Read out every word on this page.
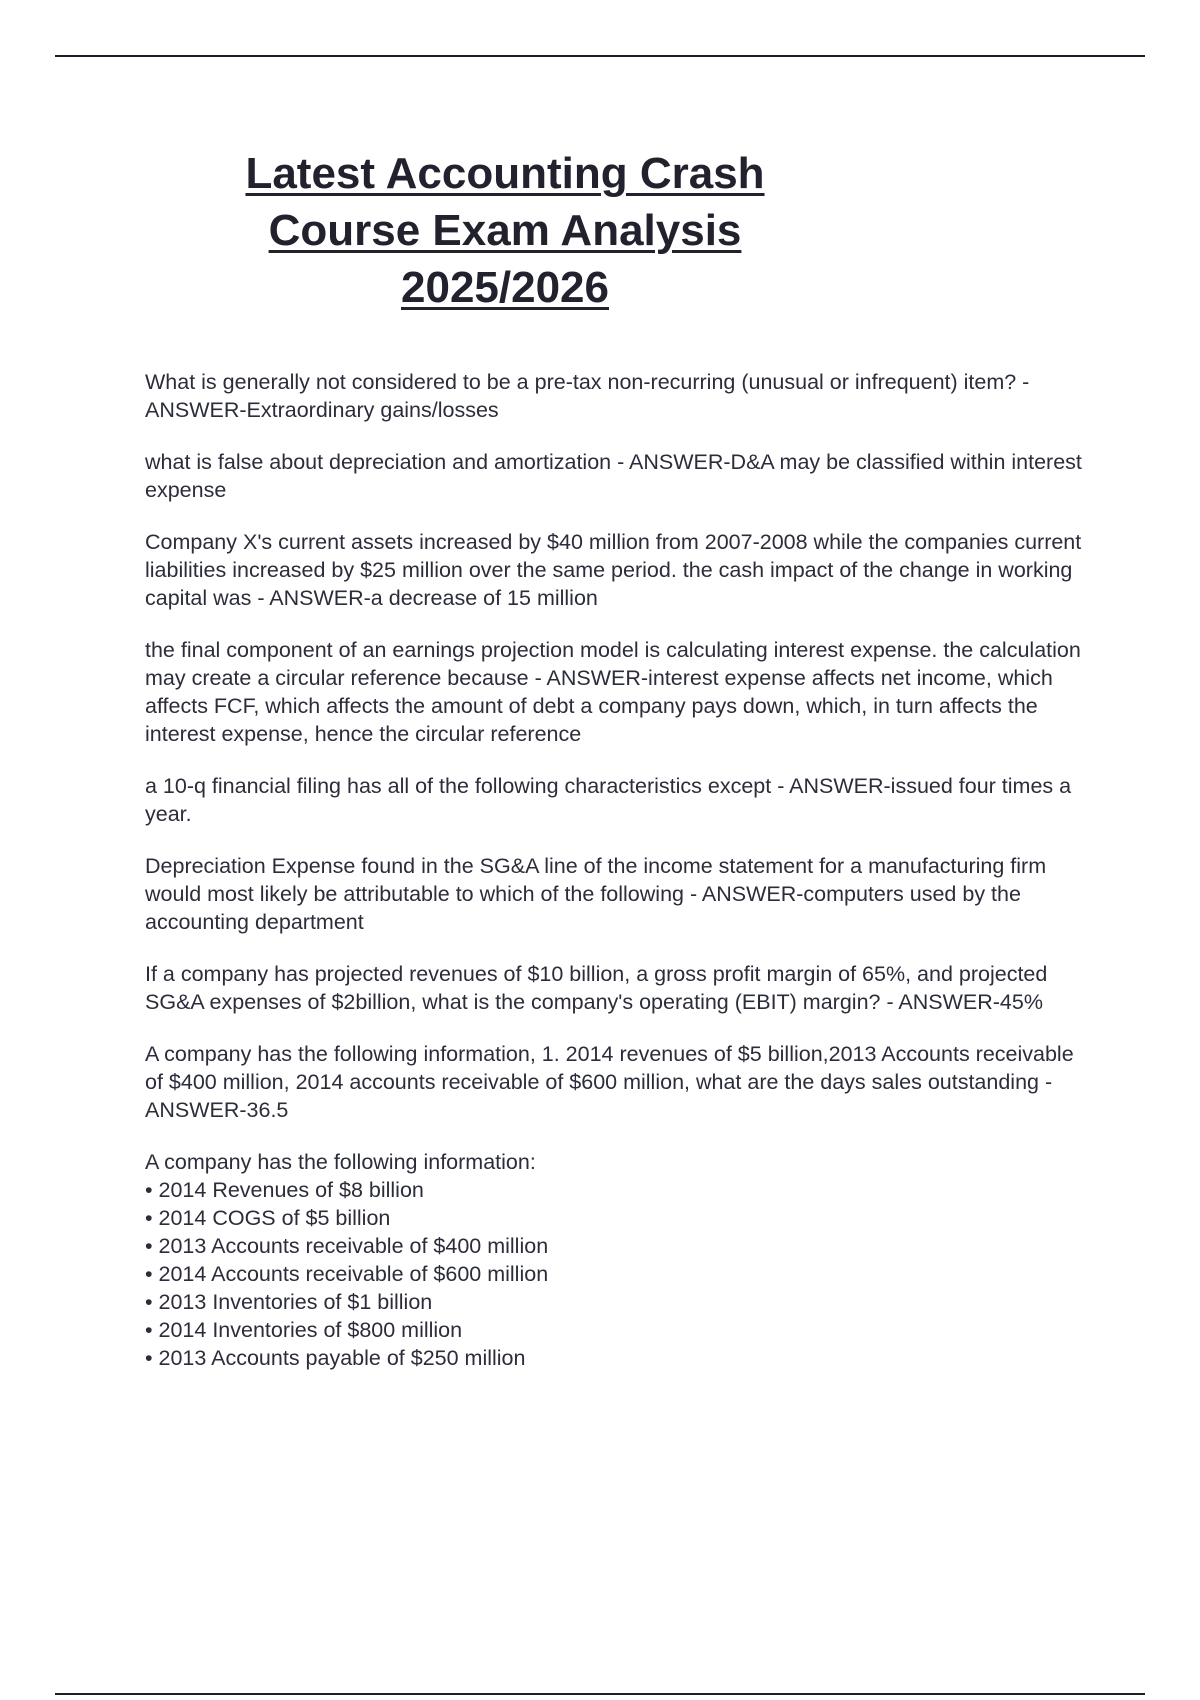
Latest Accounting Crash
Course Exam Analysis
2025/2026

What is generally not considered to be a pre-tax non-recurring (unusual or infrequent) item? - ANSWER-Extraordinary gains/losses

what is false about depreciation and amortization - ANSWER-D&A may be classified within interest expense

Company X's current assets increased by $40 million from 2007-2008 while the companies current liabilities increased by $25 million over the same period. the cash impact of the change in working capital was - ANSWER-a decrease of 15 million

the final component of an earnings projection model is calculating interest expense. the calculation may create a circular reference because - ANSWER-interest expense affects net income, which affects FCF, which affects the amount of debt a company pays down, which, in turn affects the interest expense, hence the circular reference

a 10-q financial filing has all of the following characteristics except - ANSWER-issued four times a year.

Depreciation Expense found in the SG&A line of the income statement for a manufacturing firm would most likely be attributable to which of the following - ANSWER-computers used by the accounting department

If a company has projected revenues of $10 billion, a gross profit margin of 65%, and projected SG&A expenses of $2billion, what is the company's operating (EBIT) margin? - ANSWER-45%

A company has the following information, 1. 2014 revenues of $5 billion,2013 Accounts receivable of $400 million, 2014 accounts receivable of $600 million, what are the days sales outstanding - ANSWER-36.5

A company has the following information:
• 2014 Revenues of $8 billion
• 2014 COGS of $5 billion
• 2013 Accounts receivable of $400 million
• 2014 Accounts receivable of $600 million
• 2013 Inventories of $1 billion
• 2014 Inventories of $800 million
• 2013 Accounts payable of $250 million
